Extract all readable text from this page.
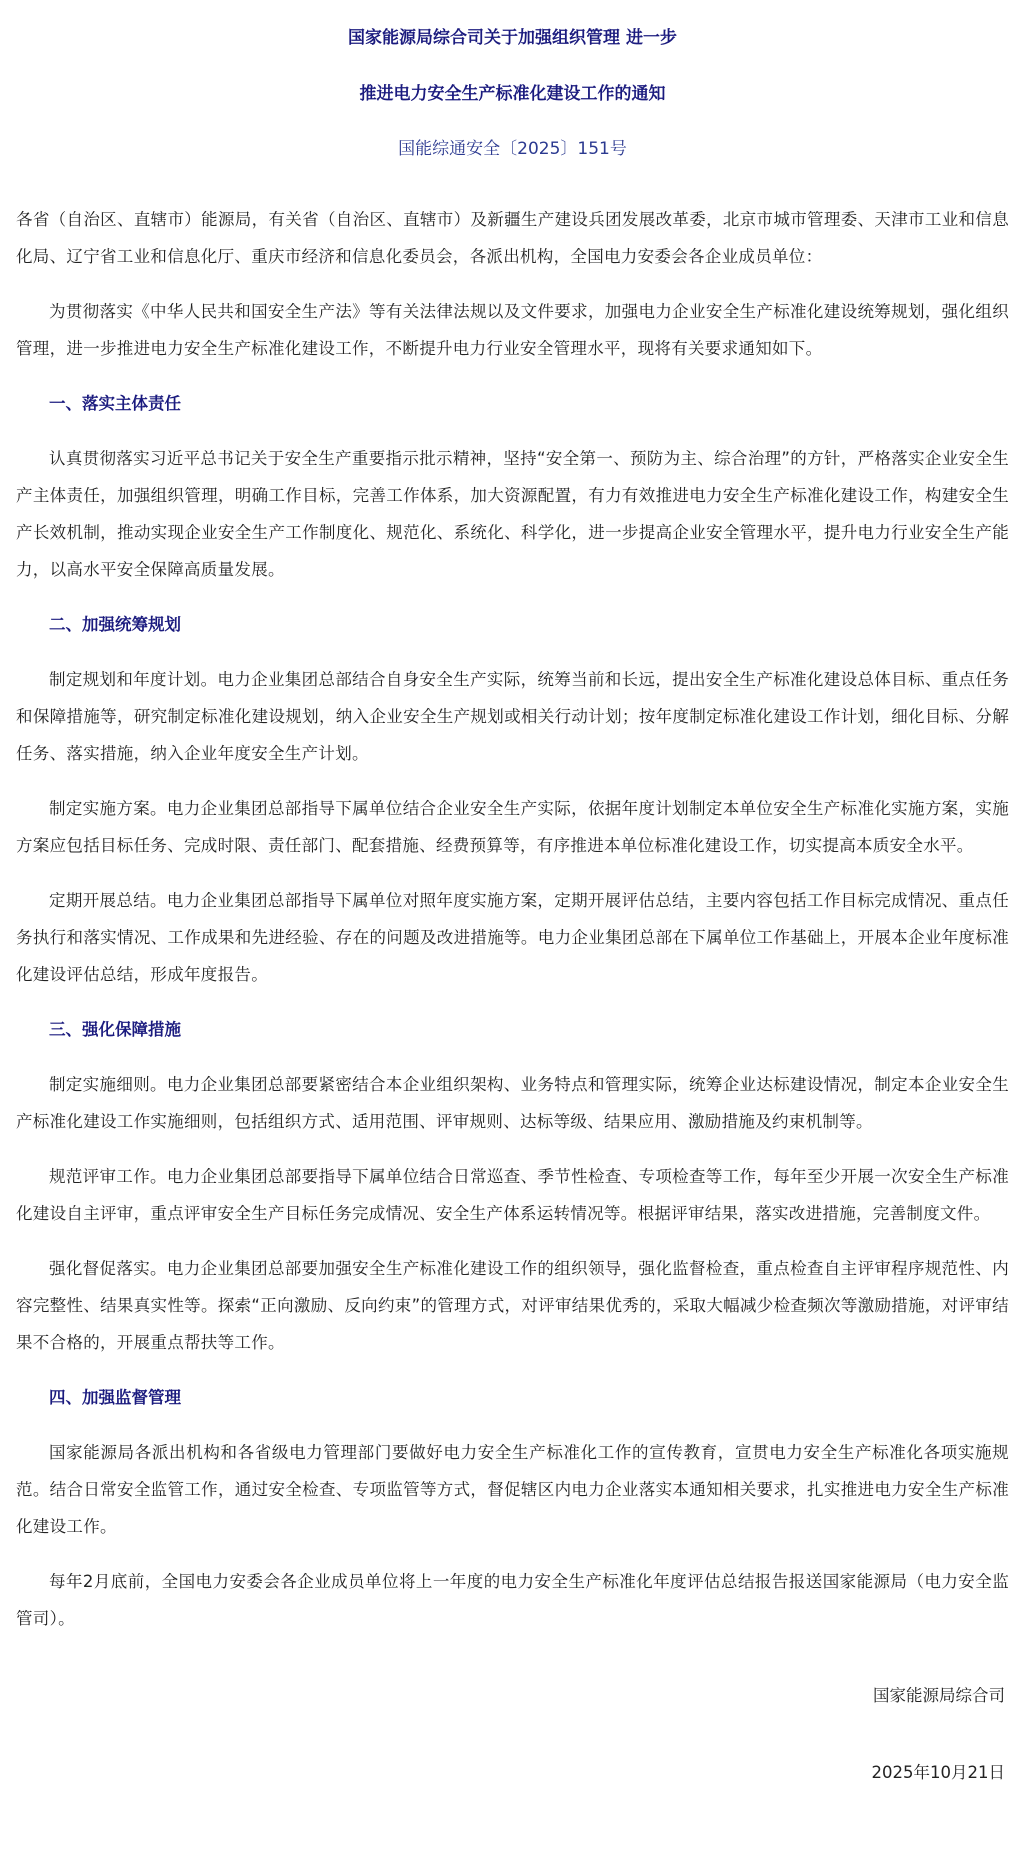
国家能源局综合司关于加强组织管理 进一步
推进电力安全生产标准化建设工作的通知

国能综通安全〔2025〕151号

各省（自治区、直辖市）能源局，有关省（自治区、直辖市）及新疆生产建设兵团发展改革委，北京市城市管理委、天津市工业和信息化局、辽宁省工业和信息化厅、重庆市经济和信息化委员会，各派出机构，全国电力安委会各企业成员单位：

为贯彻落实《中华人民共和国安全生产法》等有关法律法规以及文件要求，加强电力企业安全生产标准化建设统筹规划，强化组织管理，进一步推进电力安全生产标准化建设工作，不断提升电力行业安全管理水平，现将有关要求通知如下。

一、落实主体责任

认真贯彻落实习近平总书记关于安全生产重要指示批示精神，坚持“安全第一、预防为主、综合治理”的方针，严格落实企业安全生产主体责任，加强组织管理，明确工作目标，完善工作体系，加大资源配置，有力有效推进电力安全生产标准化建设工作，构建安全生产长效机制，推动实现企业安全生产工作制度化、规范化、系统化、科学化，进一步提高企业安全管理水平，提升电力行业安全生产能力，以高水平安全保障高质量发展。

二、加强统筹规划

制定规划和年度计划。电力企业集团总部结合自身安全生产实际，统筹当前和长远，提出安全生产标准化建设总体目标、重点任务和保障措施等，研究制定标准化建设规划，纳入企业安全生产规划或相关行动计划；按年度制定标准化建设工作计划，细化目标、分解任务、落实措施，纳入企业年度安全生产计划。

制定实施方案。电力企业集团总部指导下属单位结合企业安全生产实际，依据年度计划制定本单位安全生产标准化实施方案，实施方案应包括目标任务、完成时限、责任部门、配套措施、经费预算等，有序推进本单位标准化建设工作，切实提高本质安全水平。

定期开展总结。电力企业集团总部指导下属单位对照年度实施方案，定期开展评估总结，主要内容包括工作目标完成情况、重点任务执行和落实情况、工作成果和先进经验、存在的问题及改进措施等。电力企业集团总部在下属单位工作基础上，开展本企业年度标准化建设评估总结，形成年度报告。

三、强化保障措施

制定实施细则。电力企业集团总部要紧密结合本企业组织架构、业务特点和管理实际，统筹企业达标建设情况，制定本企业安全生产标准化建设工作实施细则，包括组织方式、适用范围、评审规则、达标等级、结果应用、激励措施及约束机制等。

规范评审工作。电力企业集团总部要指导下属单位结合日常巡查、季节性检查、专项检查等工作，每年至少开展一次安全生产标准化建设自主评审，重点评审安全生产目标任务完成情况、安全生产体系运转情况等。根据评审结果，落实改进措施，完善制度文件。

强化督促落实。电力企业集团总部要加强安全生产标准化建设工作的组织领导，强化监督检查，重点检查自主评审程序规范性、内容完整性、结果真实性等。探索“正向激励、反向约束”的管理方式，对评审结果优秀的，采取大幅减少检查频次等激励措施，对评审结果不合格的，开展重点帮扶等工作。

四、加强监督管理

国家能源局各派出机构和各省级电力管理部门要做好电力安全生产标准化工作的宣传教育，宣贯电力安全生产标准化各项实施规范。结合日常安全监管工作，通过安全检查、专项监管等方式，督促辖区内电力企业落实本通知相关要求，扎实推进电力安全生产标准化建设工作。

每年2月底前，全国电力安委会各企业成员单位将上一年度的电力安全生产标准化年度评估总结报告报送国家能源局（电力安全监管司）。

国家能源局综合司

2025年10月21日
